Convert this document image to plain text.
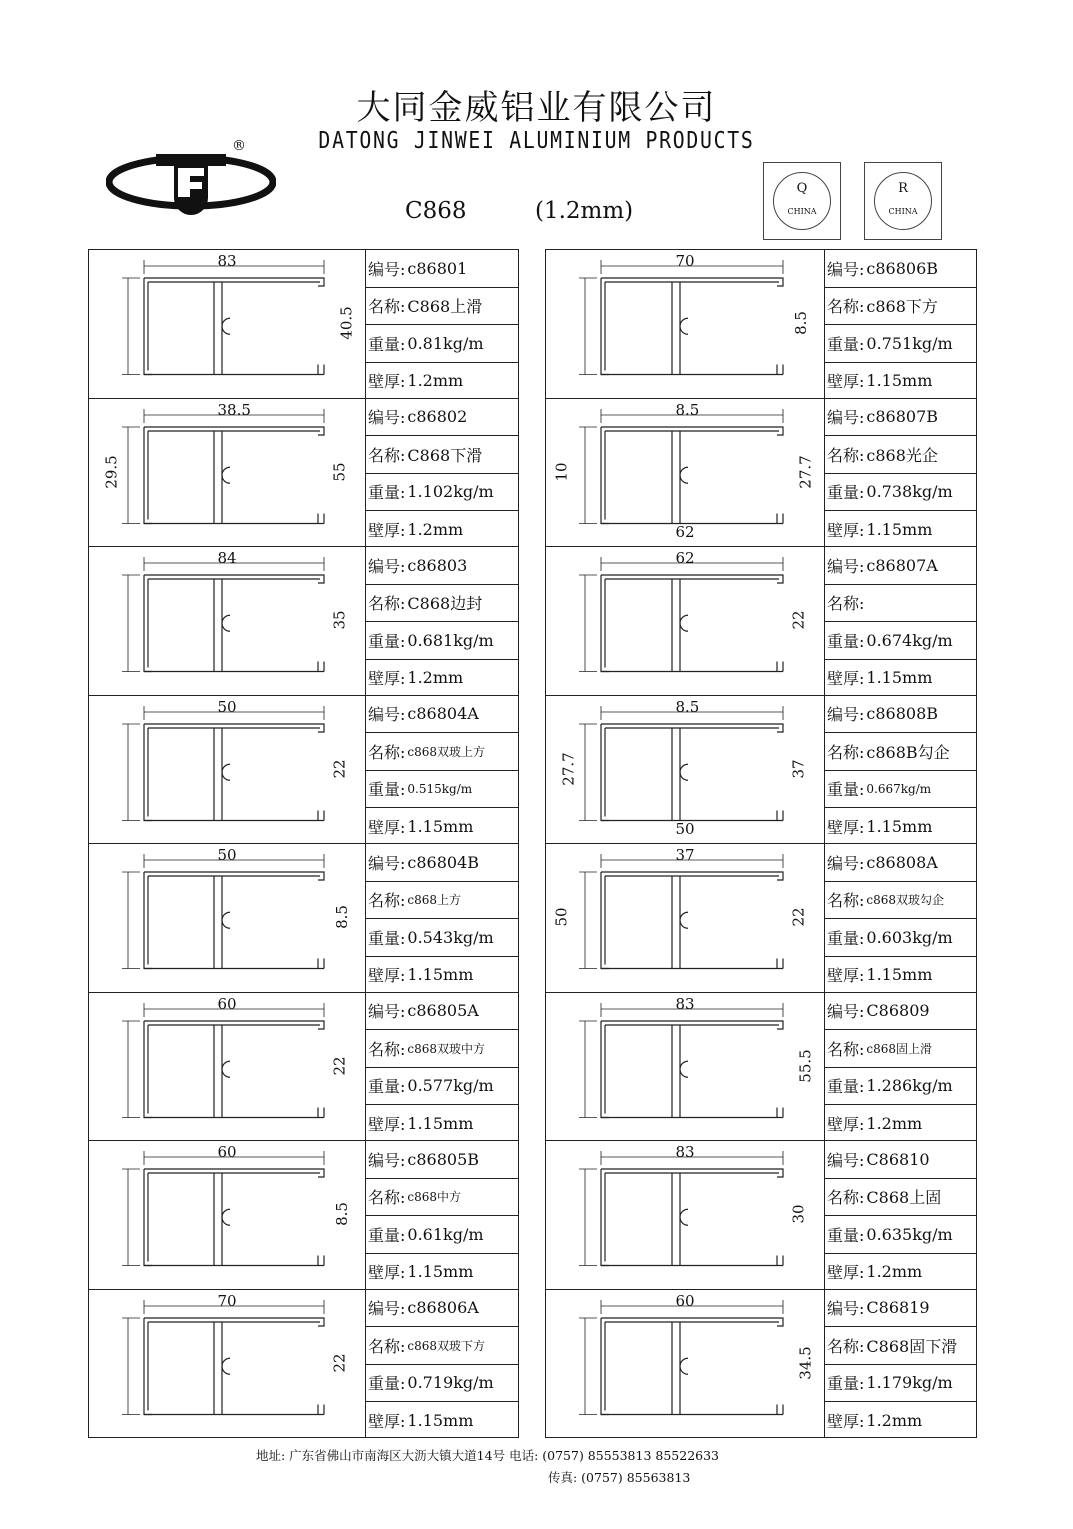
大同金威铝业有限公司
DATONG JINWEI ALUMINIUM PRODUCTS
®
C868	(1.2mm)
Q
CHINA
R
CHINA
83
40.5
编号: c86801
名称: C868上滑
重量: 0.81kg/m
壁厚: 1.2mm
38.5
55
29.5
编号: c86802
名称: C868下滑
重量: 1.102kg/m
壁厚: 1.2mm
84
35
编号: c86803
名称: C868边封
重量: 0.681kg/m
壁厚: 1.2mm
50
22
编号: c86804A
名称: c868双玻上方
重量: 0.515kg/m
壁厚: 1.15mm
50
8.5
编号: c86804B
名称: c868上方
重量: 0.543kg/m
壁厚: 1.15mm
60
22
编号: c86805A
名称: c868双玻中方
重量: 0.577kg/m
壁厚: 1.15mm
60
8.5
编号: c86805B
名称: c868中方
重量: 0.61kg/m
壁厚: 1.15mm
70
22
编号: c86806A
名称: c868双玻下方
重量: 0.719kg/m
壁厚: 1.15mm
70
8.5
编号: c86806B
名称: c868下方
重量: 0.751kg/m
壁厚: 1.15mm
8.5
27.7
10
62
编号: c86807B
名称: c868光企
重量: 0.738kg/m
壁厚: 1.15mm
62
22
编号: c86807A
名称:
重量: 0.674kg/m
壁厚: 1.15mm
8.5
37
27.7
50
编号: c86808B
名称: c868B勾企
重量: 0.667kg/m
壁厚: 1.15mm
37
22
50
编号: c86808A
名称: c868双玻勾企
重量: 0.603kg/m
壁厚: 1.15mm
83
55.5
编号: C86809
名称: c868固上滑
重量: 1.286kg/m
壁厚: 1.2mm
83
30
编号: C86810
名称: C868上固
重量: 0.635kg/m
壁厚: 1.2mm
60
34.5
编号: C86819
名称: C868固下滑
重量: 1.179kg/m
壁厚: 1.2mm
地址: 广东省佛山市南海区大沥大镇大道14号 电话: (0757) 85553813 85522633
传真: (0757) 85563813
